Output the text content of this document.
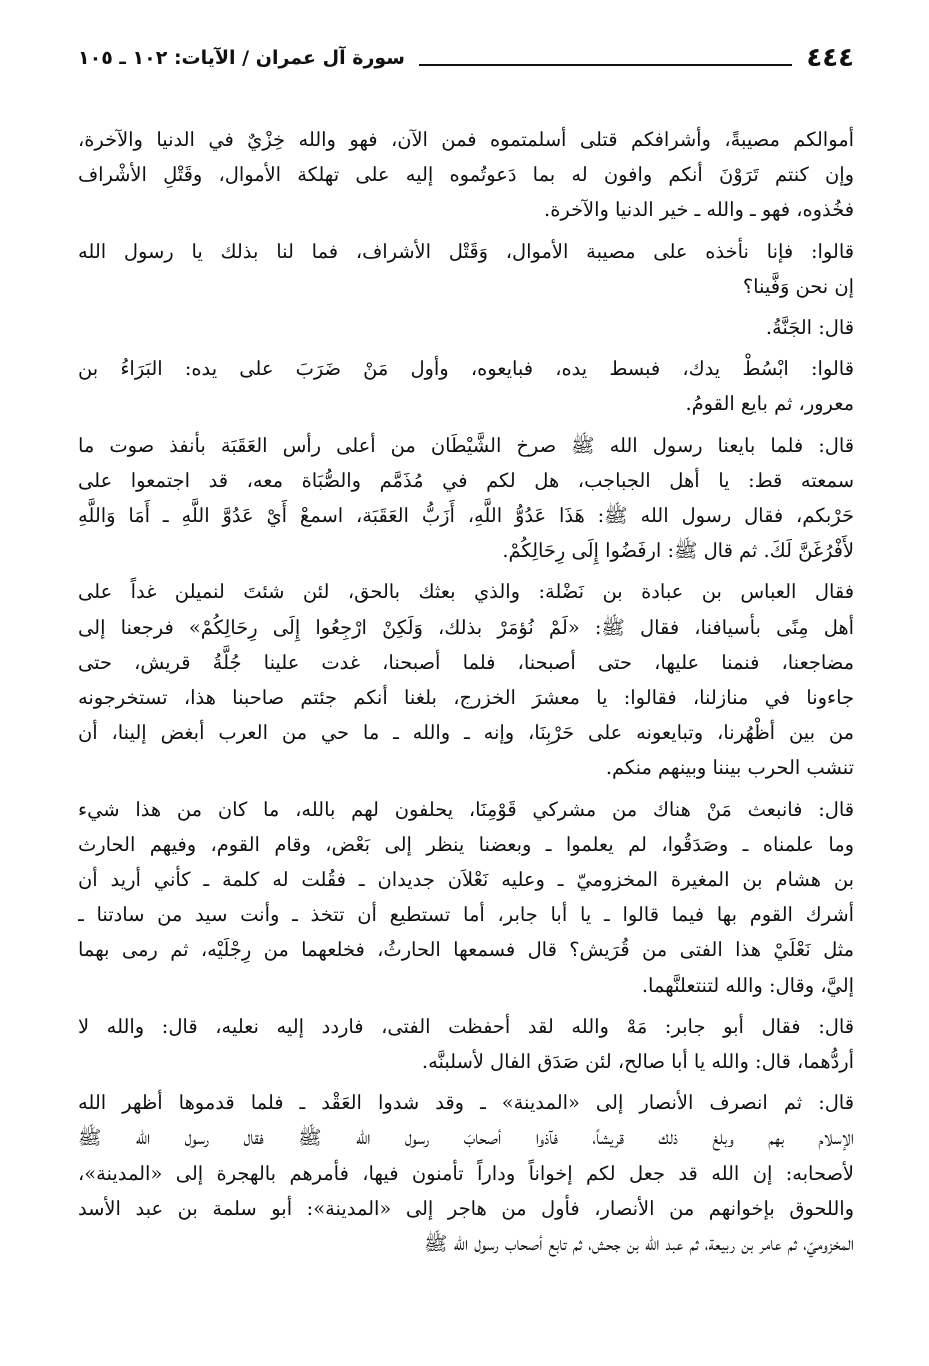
٤٤٤
سورة آل عمران / الآيات: ١٠٢ ـ ١٠٥

أموالكم مصيبةً، وأشرافكم قتلى أسلمتموه فمن الآن، فهو والله خِزْيٌ في الدنيا والآخرة،
وإن كنتم تَرَوْنَ أنكم وافون له بما دَعوتُموه إليه على تهلكة الأموال، وقَتْلِ الأشْراف
فخُذوه، فهو ـ والله ـ خير الدنيا والآخرة.

قالوا: فإنا نأخذه على مصيبة الأموال، وَقَتْل الأشراف، فما لنا بذلك يا رسول الله
إن نحن وَفَّينا؟

قال: الجَنَّةُ.

قالوا: ابْسُطْ يدك، فبسط يده، فبايعوه، وأول مَنْ ضَرَبَ على يده: البَرَاءُ بن
معرور، ثم بايع القومُ.

قال: فلما بايعنا رسول الله ﷺ صرخ الشَّيْطَان من أعلى رأس العَقَبَة بأنفذ صوت ما
سمعته قط: يا أهل الجباجب، هل لكم في مُذَمَّم والصُّبَاة معه، قد اجتمعوا على
حَرْبكم، فقال رسول الله ﷺ: هَذَا عَدُوُّ اللَّهِ، أَزَبُّ العَقَبَة، اسمعْ أَيْ عَدُوَّ اللَّهِ ـ أَمَا وَاللَّهِ
لأَفْرُغَنَّ لَكَ. ثم قال ﷺ: ارفَضُوا إِلَى رِحَالِكُمْ.

فقال العباس بن عبادة بن نَضْلة: والذي بعثك بالحق، لئن شئتَ لنميلن غداً على
أهل مِنًى بأسيافنا، فقال ﷺ: «لَمْ نُؤمَرْ بذلك، وَلَكِنْ ارْجِعُوا إِلَى رِحَالِكُمْ» فرجعنا إلى
مضاجعنا، فنمنا عليها، حتى أصبحنا، فلما أصبحنا، غدت علينا جُلَّةُ قريش، حتى
جاءونا في منازلنا، فقالوا: يا معشرَ الخزرج، بلغنا أنكم جئتم صاحبنا هذا، تستخرجونه
من بين أظْهُرنا، وتبايعونه على حَرْبِنَا، وإنه ـ والله ـ ما حي من العرب أبغض إلينا، أن
تنشب الحرب بيننا وبينهم منكم.

قال: فانبعث مَنْ هناك من مشركي قَوْمِنَا، يحلفون لهم بالله، ما كان من هذا شيء
وما علمناه ـ وصَدَقُوا، لم يعلموا ـ وبعضنا ينظر إلى بَعْض، وقام القوم، وفيهم الحارث
بن هشام بن المغيرة المخزوميّ ـ وعليه نَعْلاَن جديدان ـ فقُلت له كلمة ـ كأني أريد أن
أشرك القوم بها فيما قالوا ـ يا أبا جابر، أما تستطيع أن تتخذ ـ وأنت سيد من سادتنا ـ
مثل نَعْلَيْ هذا الفتى من قُرَيش؟ قال فسمعها الحارثُ، فخلعهما من رِجْلَيْه، ثم رمى بهما
إليَّ، وقال: والله لتنتعلنَّهما.

قال: فقال أبو جابر: مَهْ والله لقد أحفظت الفتى، فاردد إليه نعليه، قال: والله لا
أردُّهما، قال: والله يا أبا صالح، لئن صَدَق الفال لأسلبنَّه.

قال: ثم انصرف الأنصار إلى «المدينة» ـ وقد شدوا العَقْد ـ فلما قدموها أظهر الله
الإسلام بهم وبلغ ذلك قريشاً، فآذوا أصحابَ رسول الله ﷺ فقال رسول الله ﷺ
لأصحابه: إن الله قد جعل لكم إخواناً وداراً تأمنون فيها، فأمرهم بالهجرة إلى «المدينة»،
واللحوق بإخوانهم من الأنصار، فأول من هاجر إلى «المدينة»: أبو سلمة بن عبد الأسد
المخزوميّ، ثم عامر بن ربيعة، ثم عبد الله بن جحش، ثم تابع أصحاب رسول الله ﷺ
